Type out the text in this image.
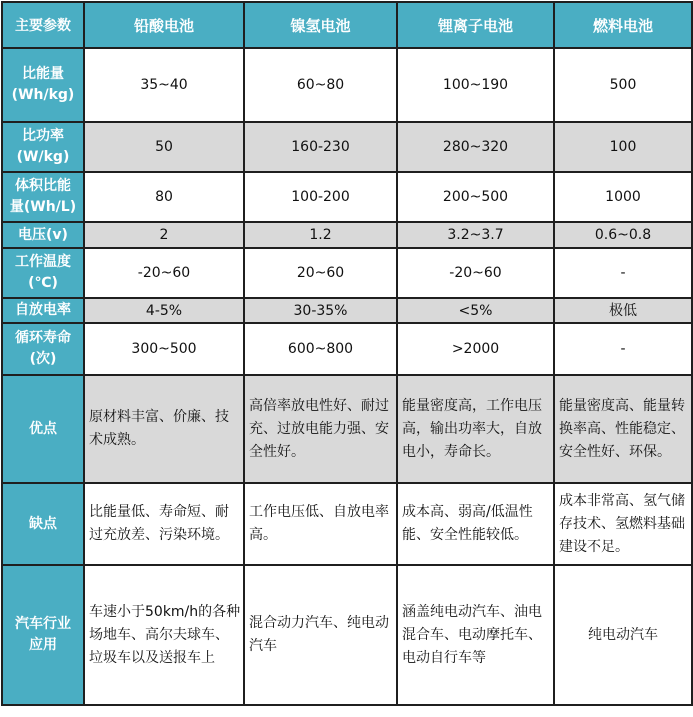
主要参数	铅酸电池	镍氢电池	锂离子电池	燃料电池
比能量
(Wh/kg)	35~40	60~80	100~190	500
比功率
(W/kg)	50	160-230	280~320	100
体积比能
量(Wh/L)	80	100-200	200~500	1000
电压(v)	2	1.2	3.2~3.7	0.6~0.8
工作温度
(℃)	-20~60	20~60	-20~60	-
自放电率	4-5%	30-35%	<5%	极低
循环寿命
(次)	300~500	600~800	>2000	-
优点	原材料丰富、价廉、技术成熟。	高倍率放电性好、耐过充、过放电能力强、安全性好。	能量密度高，工作电压高，输出功率大，自放电小，寿命长。	能量密度高、能量转换率高、性能稳定、安全性好、环保。
缺点	比能量低、寿命短、耐过充放差、污染环境。	工作电压低、自放电率高。	成本高、弱高/低温性能、安全性能较低。	成本非常高、氢气储存技术、氢燃料基础建设不足。
汽车行业
应用	车速小于50km/h的各种场地车、高尔夫球车、垃圾车以及送报车上	混合动力汽车、纯电动汽车	涵盖纯电动汽车、油电混合车、电动摩托车、电动自行车等	纯电动汽车
